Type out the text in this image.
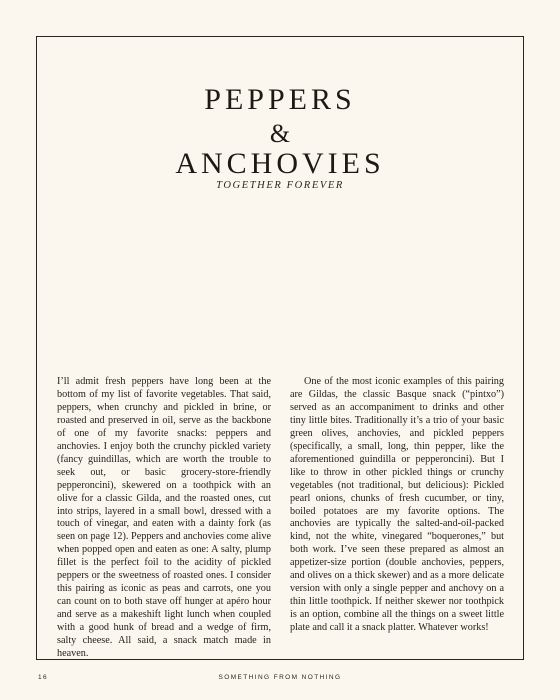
PEPPERS
&
ANCHOVIES
TOGETHER FOREVER

I’ll admit fresh peppers have long been at the bottom of my list of favorite vegetables. That said, peppers, when crunchy and pickled in brine, or roasted and preserved in oil, serve as the backbone of one of my favorite snacks: peppers and anchovies. I enjoy both the crunchy pickled variety (fancy guindillas, which are worth the trouble to seek out, or basic grocery-store-friendly pepperoncini), skewered on a toothpick with an olive for a classic Gilda, and the roasted ones, cut into strips, layered in a small bowl, dressed with a touch of vinegar, and eaten with a dainty fork (as seen on page 12). Peppers and anchovies come alive when popped open and eaten as one: A salty, plump fillet is the perfect foil to the acidity of pickled peppers or the sweetness of roasted ones. I consider this pairing as iconic as peas and carrots, one you can count on to both stave off hunger at apéro hour and serve as a makeshift light lunch when coupled with a good hunk of bread and a wedge of firm, salty cheese. All said, a snack match made in heaven.

One of the most iconic examples of this pairing are Gildas, the classic Basque snack (“pintxo”) served as an accompaniment to drinks and other tiny little bites. Traditionally it’s a trio of your basic green olives, anchovies, and pickled peppers (specifically, a small, long, thin pepper, like the aforementioned guindilla or pepperoncini). But I like to throw in other pickled things or crunchy vegetables (not traditional, but delicious): Pickled pearl onions, chunks of fresh cucumber, or tiny, boiled potatoes are my favorite options. The anchovies are typically the salted-and-oil-packed kind, not the white, vinegared “boquerones,” but both work. I’ve seen these prepared as almost an appetizer-size portion (double anchovies, peppers, and olives on a thick skewer) and as a more delicate version with only a single pepper and anchovy on a thin little toothpick. If neither skewer nor toothpick is an option, combine all the things on a sweet little plate and call it a snack platter. Whatever works!

16	SOMETHING FROM NOTHING
